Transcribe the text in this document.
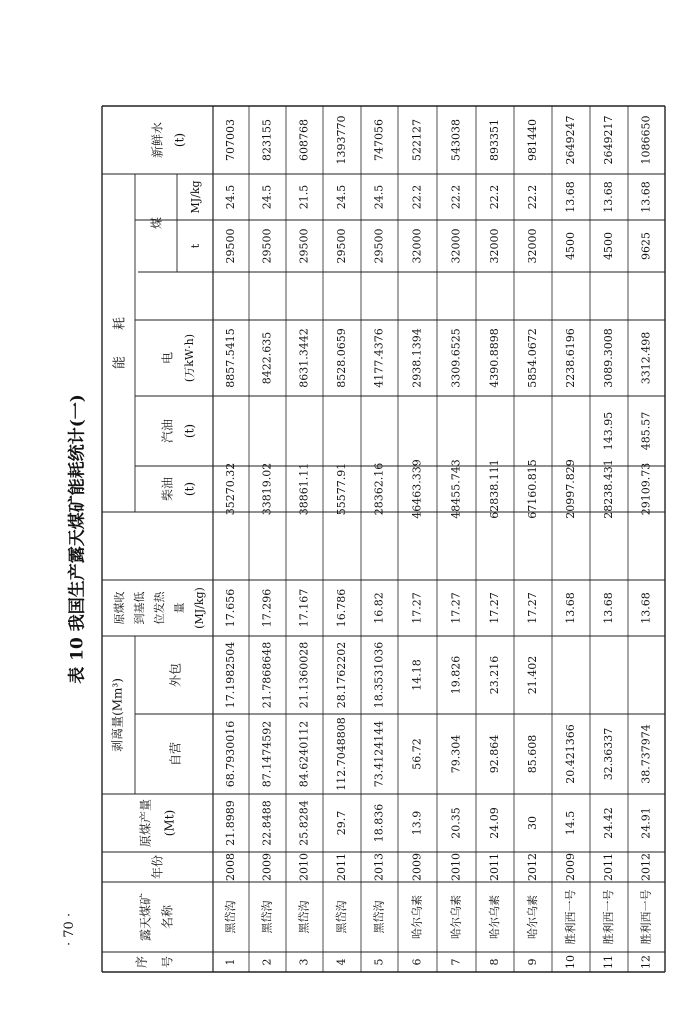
· 70 ·
表 10 我国生产露天煤矿能耗统计(一)
序 号
露天煤矿 名称
年份
原煤产量 (Mt)
剥离量(Mm³)
自营
外包
原煤收 到基低 位发热 量 (MJ/kg)
能　　耗
柴油 (t)
汽油 (t)
电 (万kW·h)
煤
t
MJ/kg
新鲜水 (t)
1
黑岱沟
2008
21.8989
68.7930016
17.1982504
17.656
35270.32
8857.5415
29500
24.5
707003
2
黑岱沟
2009
22.8488
87.1474592
21.7868648
17.296
33819.02
8422.635
29500
24.5
823155
3
黑岱沟
2010
25.8284
84.6240112
21.1360028
17.167
38861.11
8631.3442
29500
21.5
608768
4
黑岱沟
2011
29.7
112.7048808
28.1762202
16.786
55577.91
8528.0659
29500
24.5
1393770
5
黑岱沟
2013
18.836
73.4124144
18.3531036
16.82
28362.16
4177.4376
29500
24.5
747056
6
哈尔乌素
2009
13.9
56.72
14.18
17.27
46463.339
2938.1394
32000
22.2
522127
7
哈尔乌素
2010
20.35
79.304
19.826
17.27
48455.743
3309.6525
32000
22.2
543038
8
哈尔乌素
2011
24.09
92.864
23.216
17.27
62838.111
4390.8898
32000
22.2
893351
9
哈尔乌素
2012
30
85.608
21.402
17.27
67160.815
5854.0672
32000
22.2
981440
10
胜利西一号
2009
14.5
20.421366
13.68
20997.829
2238.6196
4500
13.68
2649247
11
胜利西一号
2011
24.42
32.36337
13.68
28238.431
143.95
3089.3008
4500
13.68
2649217
12
胜利西一号
2012
24.91
38.737974
13.68
29109.73
485.57
3312.498
9625
13.68
1086650
